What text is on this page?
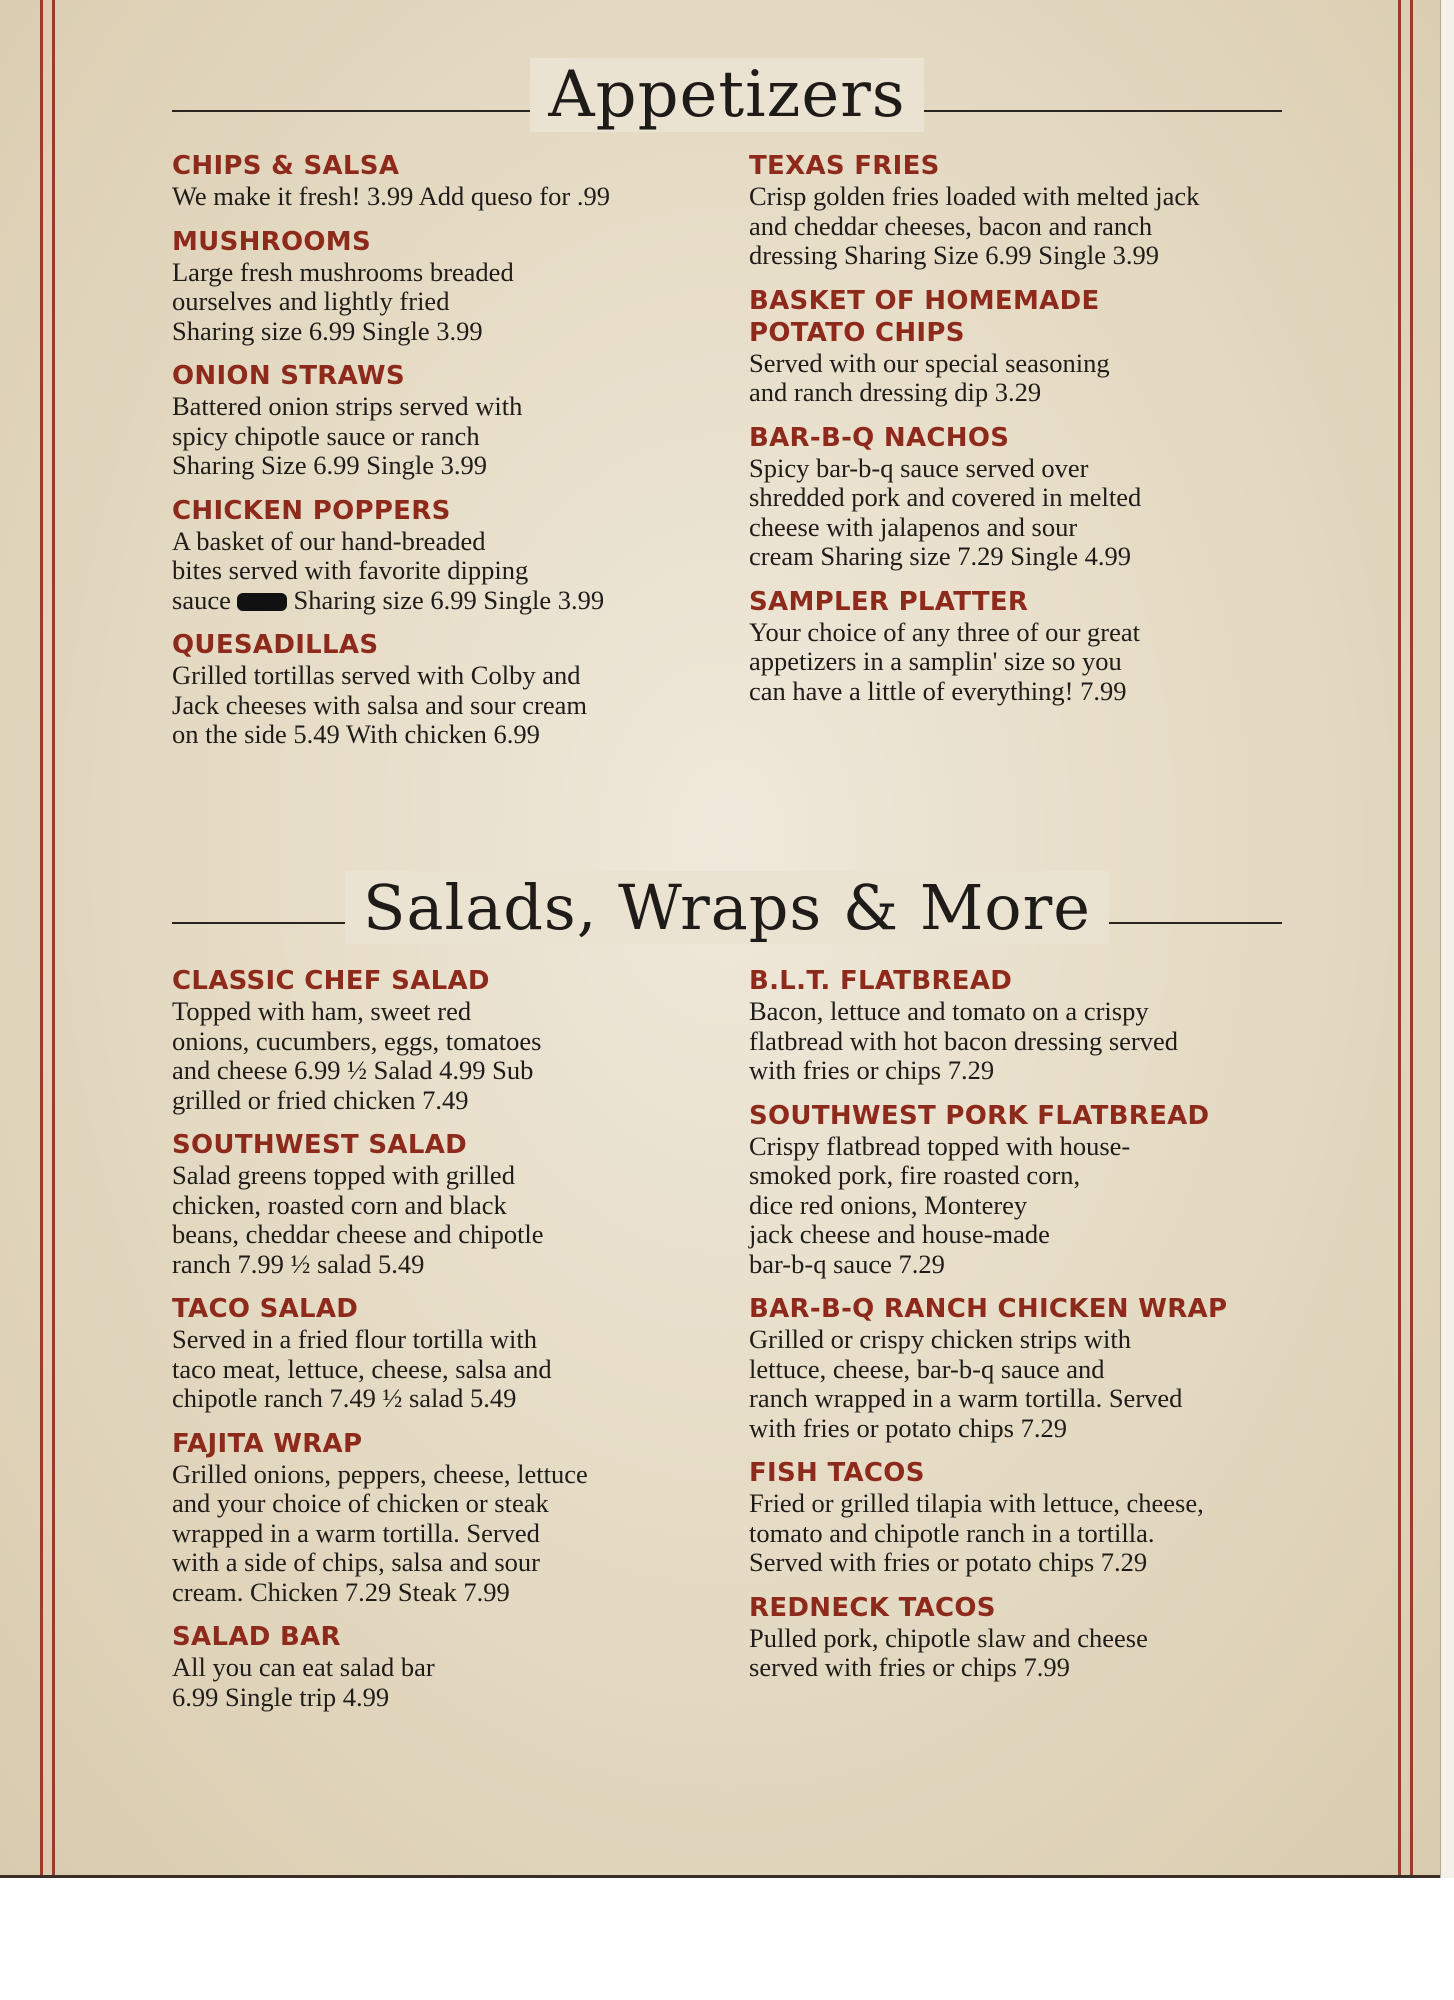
Appetizers
CHIPS & SALSA
We make it fresh! 3.99 Add queso for .99
MUSHROOMS
Large fresh mushrooms breaded
ourselves and lightly fried
Sharing size 6.99 Single 3.99
ONION STRAWS
Battered onion strips served with
spicy chipotle sauce or ranch
Sharing Size 6.99 Single 3.99
CHICKEN POPPERS
A basket of our hand-breaded
bites served with favorite dipping
sauce Sharing size 6.99 Single 3.99
QUESADILLAS
Grilled tortillas served with Colby and
Jack cheeses with salsa and sour cream
on the side 5.49 With chicken 6.99
TEXAS FRIES
Crisp golden fries loaded with melted jack
and cheddar cheeses, bacon and ranch
dressing Sharing Size 6.99 Single 3.99
BASKET OF HOMEMADE
POTATO CHIPS
Served with our special seasoning
and ranch dressing dip 3.29
BAR-B-Q NACHOS
Spicy bar-b-q sauce served over
shredded pork and covered in melted
cheese with jalapenos and sour
cream Sharing size 7.29 Single 4.99
SAMPLER PLATTER
Your choice of any three of our great
appetizers in a samplin' size so you
can have a little of everything! 7.99
Salads, Wraps & More
CLASSIC CHEF SALAD
Topped with ham, sweet red
onions, cucumbers, eggs, tomatoes
and cheese 6.99 ½ Salad 4.99 Sub
grilled or fried chicken 7.49
SOUTHWEST SALAD
Salad greens topped with grilled
chicken, roasted corn and black
beans, cheddar cheese and chipotle
ranch 7.99 ½ salad 5.49
TACO SALAD
Served in a fried flour tortilla with
taco meat, lettuce, cheese, salsa and
chipotle ranch 7.49 ½ salad 5.49
FAJITA WRAP
Grilled onions, peppers, cheese, lettuce
and your choice of chicken or steak
wrapped in a warm tortilla. Served
with a side of chips, salsa and sour
cream. Chicken 7.29 Steak 7.99
SALAD BAR
All you can eat salad bar
6.99 Single trip 4.99
B.L.T. FLATBREAD
Bacon, lettuce and tomato on a crispy
flatbread with hot bacon dressing served
with fries or chips 7.29
SOUTHWEST PORK FLATBREAD
Crispy flatbread topped with house-
smoked pork, fire roasted corn,
dice red onions, Monterey
jack cheese and house-made
bar-b-q sauce 7.29
BAR-B-Q RANCH CHICKEN WRAP
Grilled or crispy chicken strips with
lettuce, cheese, bar-b-q sauce and
ranch wrapped in a warm tortilla. Served
with fries or potato chips 7.29
FISH TACOS
Fried or grilled tilapia with lettuce, cheese,
tomato and chipotle ranch in a tortilla.
Served with fries or potato chips 7.29
REDNECK TACOS
Pulled pork, chipotle slaw and cheese
served with fries or chips 7.99
